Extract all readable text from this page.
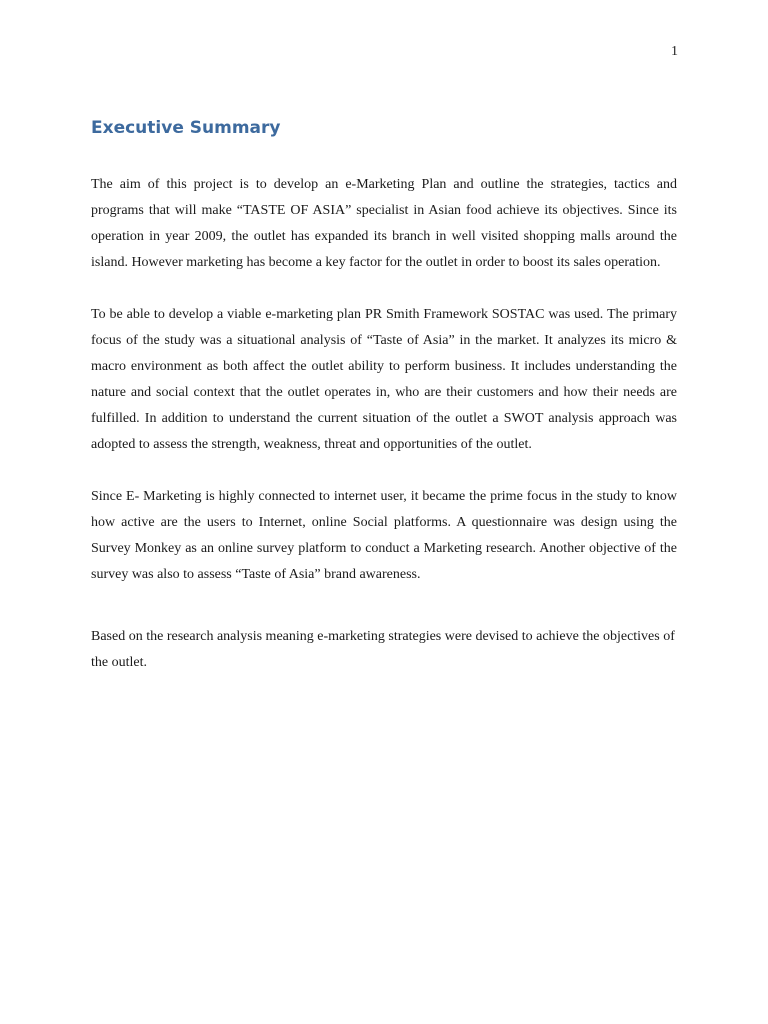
1
Executive Summary

The aim of this project is to develop an e-Marketing Plan and outline the strategies, tactics and programs that will make “TASTE OF ASIA” specialist in Asian food achieve its objectives. Since its operation in year 2009, the outlet has expanded its branch in well visited shopping malls around the island. However marketing has become a key factor for the outlet in order to boost its sales operation.

To be able to develop a viable e-marketing plan PR Smith Framework SOSTAC was used. The primary focus of the study was a situational analysis of “Taste of Asia” in the market. It analyzes its micro & macro environment as both affect the outlet ability to perform business. It includes understanding the nature and social context that the outlet operates in, who are their customers and how their needs are fulfilled. In addition to understand the current situation of the outlet a SWOT analysis approach was adopted to assess the strength, weakness, threat and opportunities of the outlet.

Since E- Marketing is highly connected to internet user, it became the prime focus in the study to know how active are the users to Internet, online Social platforms. A questionnaire was design using the Survey Monkey as an online survey platform to conduct a Marketing research. Another objective of the survey was also to assess “Taste of Asia” brand awareness.

Based on the research analysis meaning e-marketing strategies were devised to achieve the objectives of the outlet.
